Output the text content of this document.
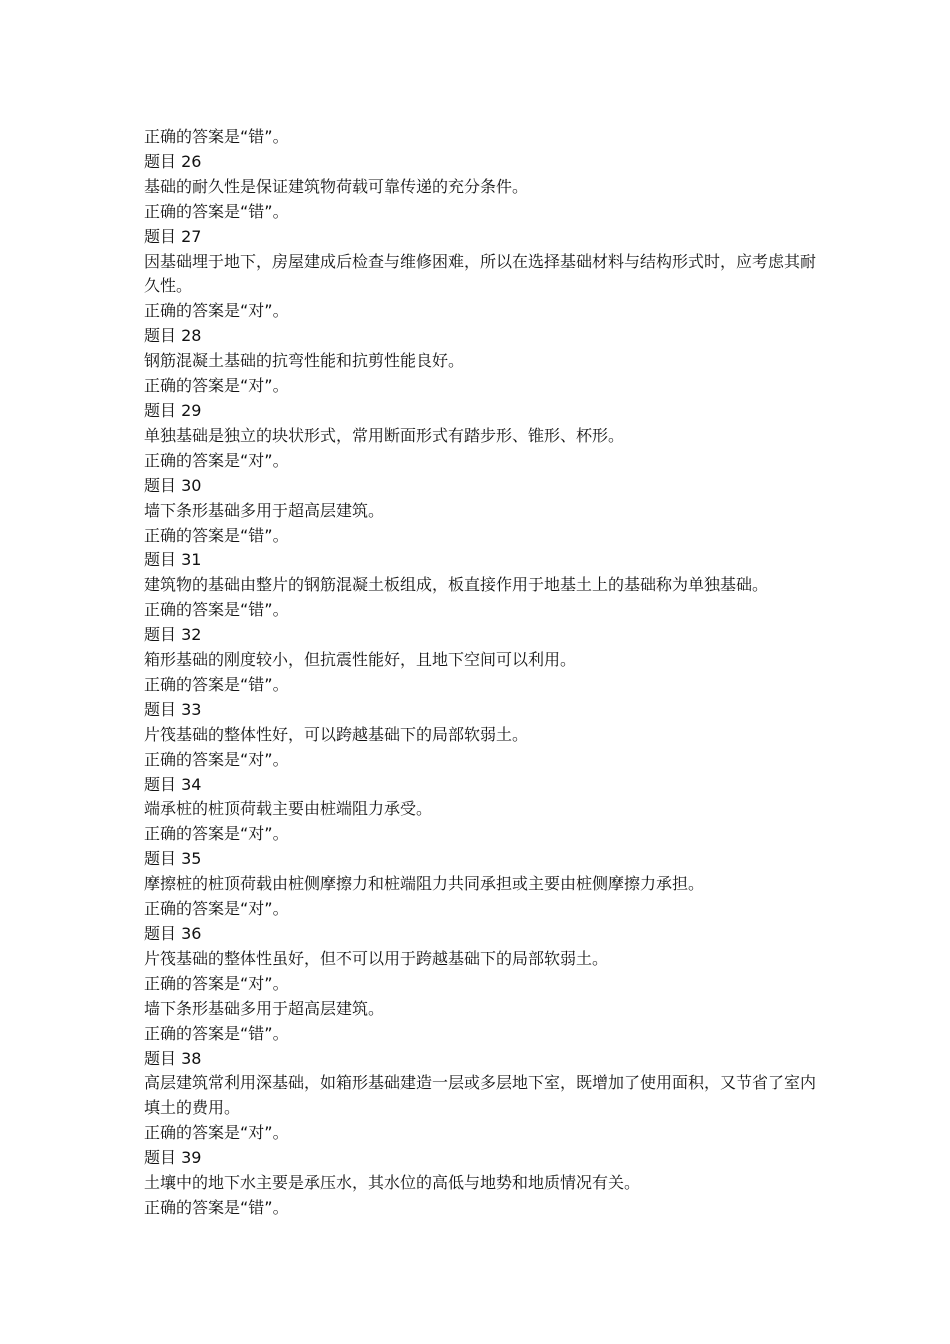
正确的答案是“错”。

题目 26

基础的耐久性是保证建筑物荷载可靠传递的充分条件。

正确的答案是“错”。

题目 27

因基础埋于地下，房屋建成后检查与维修困难，所以在选择基础材料与结构形式时，应考虑其耐久性。

正确的答案是“对”。

题目 28

钢筋混凝土基础的抗弯性能和抗剪性能良好。

正确的答案是“对”。

题目 29

单独基础是独立的块状形式，常用断面形式有踏步形、锥形、杯形。

正确的答案是“对”。

题目 30

墙下条形基础多用于超高层建筑。

正确的答案是“错”。

题目 31

建筑物的基础由整片的钢筋混凝土板组成，板直接作用于地基土上的基础称为单独基础。

正确的答案是“错”。

题目 32

箱形基础的刚度较小，但抗震性能好，且地下空间可以利用。

正确的答案是“错”。

题目 33

片筏基础的整体性好，可以跨越基础下的局部软弱土。

正确的答案是“对”。

题目 34

端承桩的桩顶荷载主要由桩端阻力承受。

正确的答案是“对”。

题目 35

摩擦桩的桩顶荷载由桩侧摩擦力和桩端阻力共同承担或主要由桩侧摩擦力承担。

正确的答案是“对”。

题目 36

片筏基础的整体性虽好，但不可以用于跨越基础下的局部软弱土。

正确的答案是“对”。

墙下条形基础多用于超高层建筑。

正确的答案是“错”。

题目 38

高层建筑常利用深基础，如箱形基础建造一层或多层地下室，既增加了使用面积，又节省了室内填土的费用。

正确的答案是“对”。

题目 39

土壤中的地下水主要是承压水，其水位的高低与地势和地质情况有关。

正确的答案是“错”。
